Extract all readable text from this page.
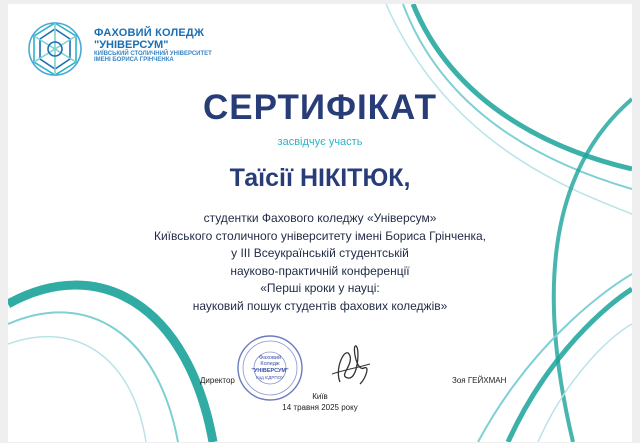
ФАХОВИЙ КОЛЕДЖ
"УНІВЕРСУМ"
КИЇВСЬКИЙ СТОЛИЧНИЙ УНІВЕРСИТЕТ
ІМЕНІ БОРИСА ГРІНЧЕНКА
СЕРТИФІКАТ
засвідчує участь
Таїсії НІКІТЮК,
студентки Фахового коледжу «Універсум»
Київського столичного університету імені Бориса Грінченка,
у ІІІ Всеукраїнській студентській
науково-практичній конференції
«Перші кроки у науці:
науковий пошук студентів фахових коледжів»
Фаховий
Коледж
"УНІВЕРСУМ"
Код ЄДРПОУ
Директор	Зоя ГЕЙХМАН
Київ
14 травня 2025 року
